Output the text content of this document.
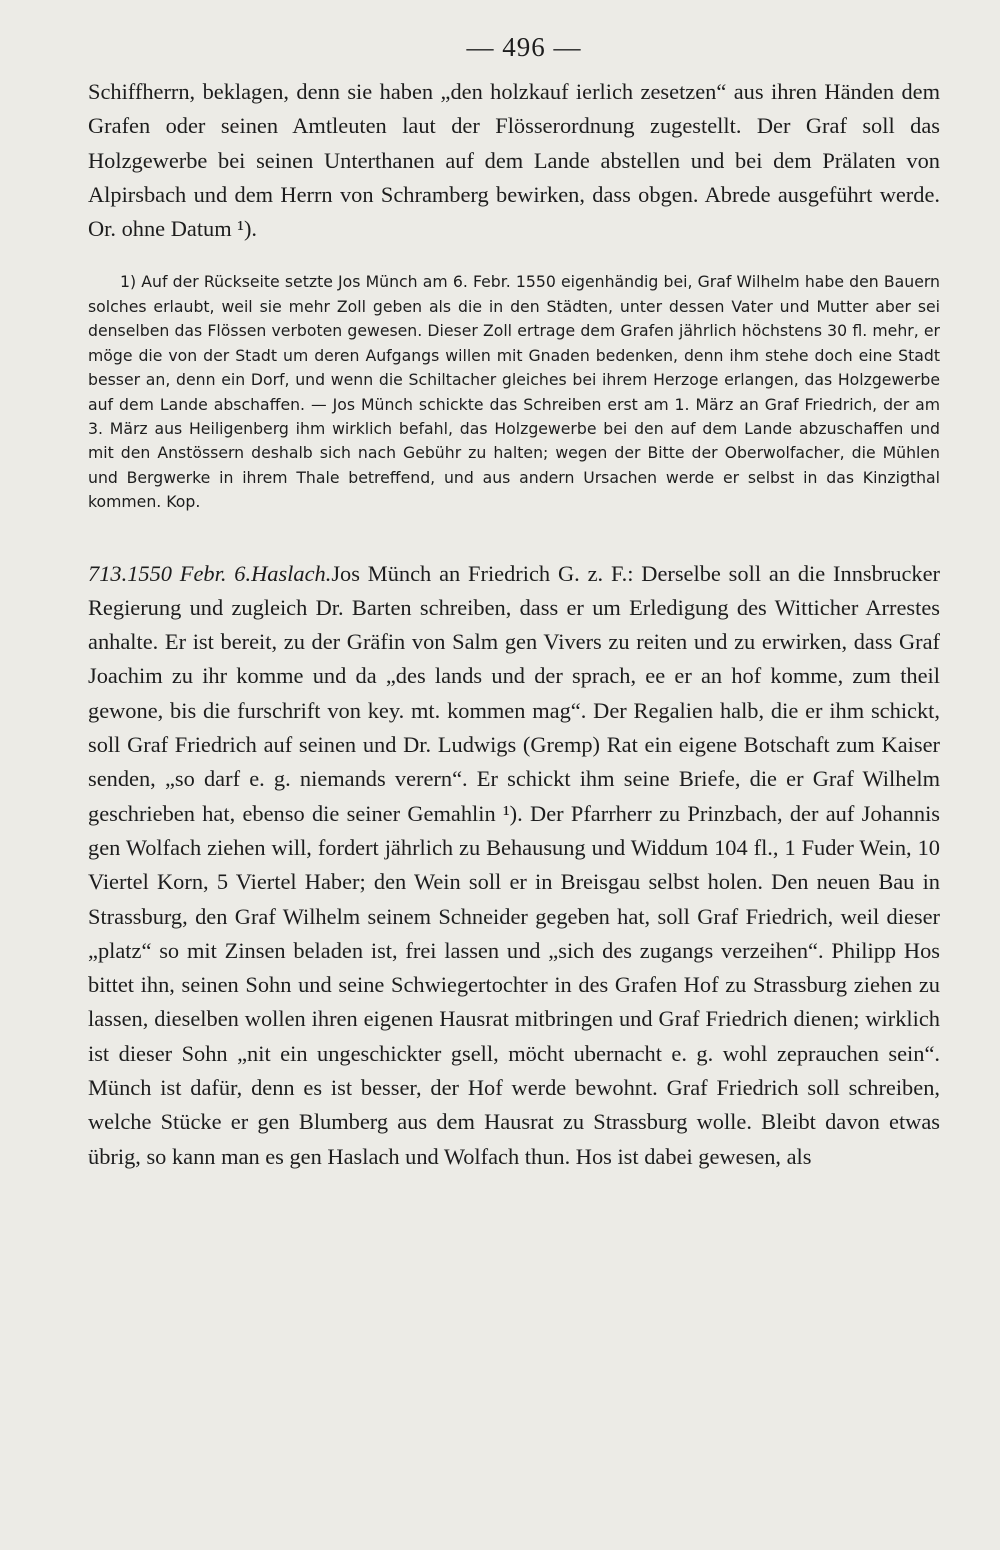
— 496 —

Schiffherrn, beklagen, denn sie haben „den holzkauf ierlich zesetzen“ aus ihren Händen dem Grafen oder seinen Amtleuten laut der Flösserordnung zugestellt. Der Graf soll das Holzgewerbe bei seinen Unterthanen auf dem Lande abstellen und bei dem Prälaten von Alpirsbach und dem Herrn von Schramberg bewirken, dass obgen. Abrede ausgeführt werde. Or. ohne Datum ¹).

1) Auf der Rückseite setzte Jos Münch am 6. Febr. 1550 eigenhändig bei, Graf Wilhelm habe den Bauern solches erlaubt, weil sie mehr Zoll geben als die in den Städten, unter dessen Vater und Mutter aber sei denselben das Flössen verboten gewesen. Dieser Zoll ertrage dem Grafen jährlich höchstens 30 fl. mehr, er möge die von der Stadt um deren Aufgangs willen mit Gnaden bedenken, denn ihm stehe doch eine Stadt besser an, denn ein Dorf, und wenn die Schiltacher gleiches bei ihrem Herzoge erlangen, das Holzgewerbe auf dem Lande abschaffen. — Jos Münch schickte das Schreiben erst am 1. März an Graf Friedrich, der am 3. März aus Heiligenberg ihm wirklich befahl, das Holzgewerbe bei den auf dem Lande abzuschaffen und mit den Anstössern deshalb sich nach Gebühr zu halten; wegen der Bitte der Oberwolfacher, die Mühlen und Bergwerke in ihrem Thale betreffend, und aus andern Ursachen werde er selbst in das Kinzigthal kommen. Kop.

713.1550 Febr. 6.Haslach.Jos Münch an Friedrich G. z. F.: Derselbe soll an die Innsbrucker Regierung und zugleich Dr. Barten schreiben, dass er um Erledigung des Witticher Arrestes anhalte. Er ist bereit, zu der Gräfin von Salm gen Vivers zu reiten und zu erwirken, dass Graf Joachim zu ihr komme und da „des lands und der sprach, ee er an hof komme, zum theil gewone, bis die furschrift von key. mt. kommen mag“. Der Regalien halb, die er ihm schickt, soll Graf Friedrich auf seinen und Dr. Ludwigs (Gremp) Rat ein eigene Botschaft zum Kaiser senden, „so darf e. g. niemands verern“. Er schickt ihm seine Briefe, die er Graf Wilhelm geschrieben hat, ebenso die seiner Gemahlin ¹). Der Pfarrherr zu Prinzbach, der auf Johannis gen Wolfach ziehen will, fordert jährlich zu Behausung und Widdum 104 fl., 1 Fuder Wein, 10 Viertel Korn, 5 Viertel Haber; den Wein soll er in Breisgau selbst holen. Den neuen Bau in Strassburg, den Graf Wilhelm seinem Schneider gegeben hat, soll Graf Friedrich, weil dieser „platz“ so mit Zinsen beladen ist, frei lassen und „sich des zugangs verzeihen“. Philipp Hos bittet ihn, seinen Sohn und seine Schwiegertochter in des Grafen Hof zu Strassburg ziehen zu lassen, dieselben wollen ihren eigenen Hausrat mitbringen und Graf Friedrich dienen; wirklich ist dieser Sohn „nit ein ungeschickter gsell, möcht ubernacht e. g. wohl zeprauchen sein“. Münch ist dafür, denn es ist besser, der Hof werde bewohnt. Graf Friedrich soll schreiben, welche Stücke er gen Blumberg aus dem Hausrat zu Strassburg wolle. Bleibt davon etwas übrig, so kann man es gen Haslach und Wolfach thun. Hos ist dabei gewesen, als
